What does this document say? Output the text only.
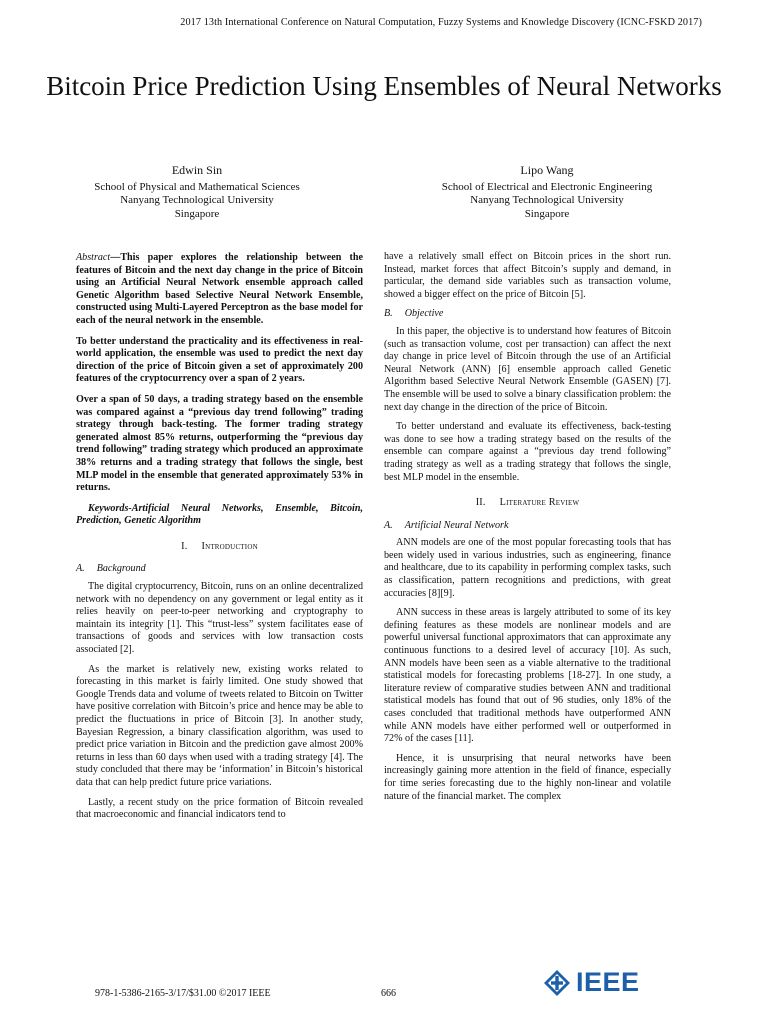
2017 13th International Conference on Natural Computation, Fuzzy Systems and Knowledge Discovery (ICNC-FSKD 2017)
Bitcoin Price Prediction Using Ensembles of Neural Networks
Edwin Sin
School of Physical and Mathematical Sciences
Nanyang Technological University
Singapore
Lipo Wang
School of Electrical and Electronic Engineering
Nanyang Technological University
Singapore

Abstract—This paper explores the relationship between the features of Bitcoin and the next day change in the price of Bitcoin using an Artificial Neural Network ensemble approach called Genetic Algorithm based Selective Neural Network Ensemble, constructed using Multi-Layered Perceptron as the base model for each of the neural network in the ensemble.

To better understand the practicality and its effectiveness in real-world application, the ensemble was used to predict the next day direction of the price of Bitcoin given a set of approximately 200 features of the cryptocurrency over a span of 2 years.

Over a span of 50 days, a trading strategy based on the ensemble was compared against a “previous day trend following” trading strategy through back-testing. The former trading strategy generated almost 85% returns, outperforming the “previous day trend following” trading strategy which produced an approximate 38% returns and a trading strategy that follows the single, best MLP model in the ensemble that generated approximately 53% in returns.

Keywords-Artificial Neural Networks, Ensemble, Bitcoin, Prediction, Genetic Algorithm

I. Introduction
A. Background

The digital cryptocurrency, Bitcoin, runs on an online decentralized network with no dependency on any government or legal entity as it relies heavily on peer-to-peer networking and cryptography to maintain its integrity [1]. This “trust-less” system facilitates ease of transactions of goods and services with low transaction costs associated [2].

As the market is relatively new, existing works related to forecasting in this market is fairly limited. One study showed that Google Trends data and volume of tweets related to Bitcoin on Twitter have positive correlation with Bitcoin’s price and hence may be able to predict the fluctuations in price of Bitcoin [3]. In another study, Bayesian Regression, a binary classification algorithm, was used to predict price variation in Bitcoin and the prediction gave almost 200% returns in less than 60 days when used with a trading strategy [4]. The study concluded that there may be ‘information’ in Bitcoin’s historical data that can help predict future price variations.

Lastly, a recent study on the price formation of Bitcoin revealed that macroeconomic and financial indicators tend to

have a relatively small effect on Bitcoin prices in the short run. Instead, market forces that affect Bitcoin’s supply and demand, in particular, the demand side variables such as transaction volume, showed a bigger effect on the price of Bitcoin [5].

B. Objective

In this paper, the objective is to understand how features of Bitcoin (such as transaction volume, cost per transaction) can affect the next day change in price level of Bitcoin through the use of an Artificial Neural Network (ANN) [6] ensemble approach called Genetic Algorithm based Selective Neural Network Ensemble (GASEN) [7]. The ensemble will be used to solve a binary classification problem: the next day change in the direction of the price of Bitcoin.

To better understand and evaluate its effectiveness, back-testing was done to see how a trading strategy based on the results of the ensemble can compare against a “previous day trend following” trading strategy as well as a trading strategy that follows the single, best MLP model in the ensemble.

II. Literature Review
A. Artificial Neural Network

ANN models are one of the most popular forecasting tools that has been widely used in various industries, such as engineering, finance and healthcare, due to its capability in performing complex tasks, such as classification, pattern recognitions and predictions, with great accuracies [8][9].

ANN success in these areas is largely attributed to some of its key defining features as these models are nonlinear models and are powerful universal functional approximators that can approximate any continuous functions to a desired level of accuracy [10]. As such, ANN models have been seen as a viable alternative to the traditional statistical models for forecasting problems [18-27]. In one study, a literature review of comparative studies between ANN and traditional statistical models has found that out of 96 studies, only 18% of the cases concluded that traditional methods have outperformed ANN while ANN models have either performed well or outperformed in 72% of the cases [11].

Hence, it is unsurprising that neural networks have been increasingly gaining more attention in the field of finance, especially for time series forecasting due to the highly non-linear and volatile nature of the financial market. The complex

978-1-5386-2165-3/17/$31.00 ©2017 IEEE	666	IEEE
